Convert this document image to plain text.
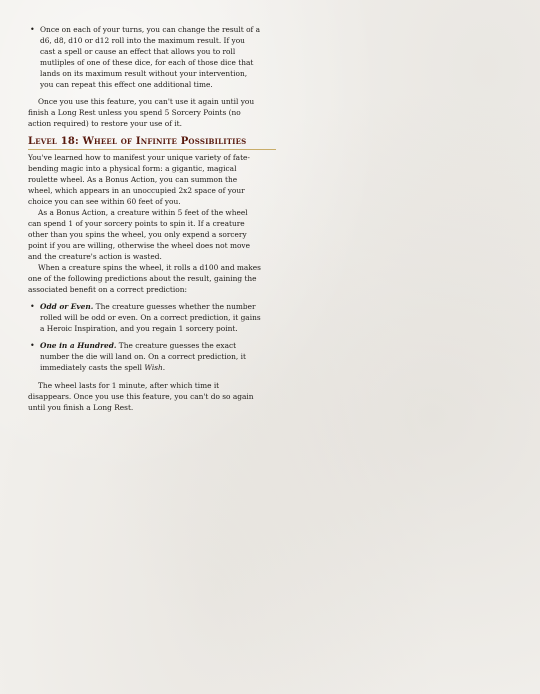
• Once on each of your turns, you can change the result of a
d6, d8, d10 or d12 roll into the maximum result. If you
cast a spell or cause an effect that allows you to roll
mutliples of one of these dice, for each of those dice that
lands on its maximum result without your intervention,
you can repeat this effect one additional time.

Once you use this feature, you can't use it again until you
finish a Long Rest unless you spend 5 Sorcery Points (no
action required) to restore your use of it.

Level 18: Wheel of Infinite Possibilities

You've learned how to manifest your unique variety of fate-
bending magic into a physical form: a gigantic, magical
roulette wheel. As a Bonus Action, you can summon the
wheel, which appears in an unoccupied 2x2 space of your
choice you can see within 60 feet of you.

As a Bonus Action, a creature within 5 feet of the wheel
can spend 1 of your sorcery points to spin it. If a creature
other than you spins the wheel, you only expend a sorcery
point if you are willing, otherwise the wheel does not move
and the creature's action is wasted.

When a creature spins the wheel, it rolls a d100 and makes
one of the following predictions about the result, gaining the
associated benefit on a correct prediction:

• Odd or Even. The creature guesses whether the number
rolled will be odd or even. On a correct prediction, it gains
a Heroic Inspiration, and you regain 1 sorcery point.
• One in a Hundred. The creature guesses the exact
number the die will land on. On a correct prediction, it
immediately casts the spell Wish.

The wheel lasts for 1 minute, after which time it
disappears. Once you use this feature, you can't do so again
until you finish a Long Rest.
